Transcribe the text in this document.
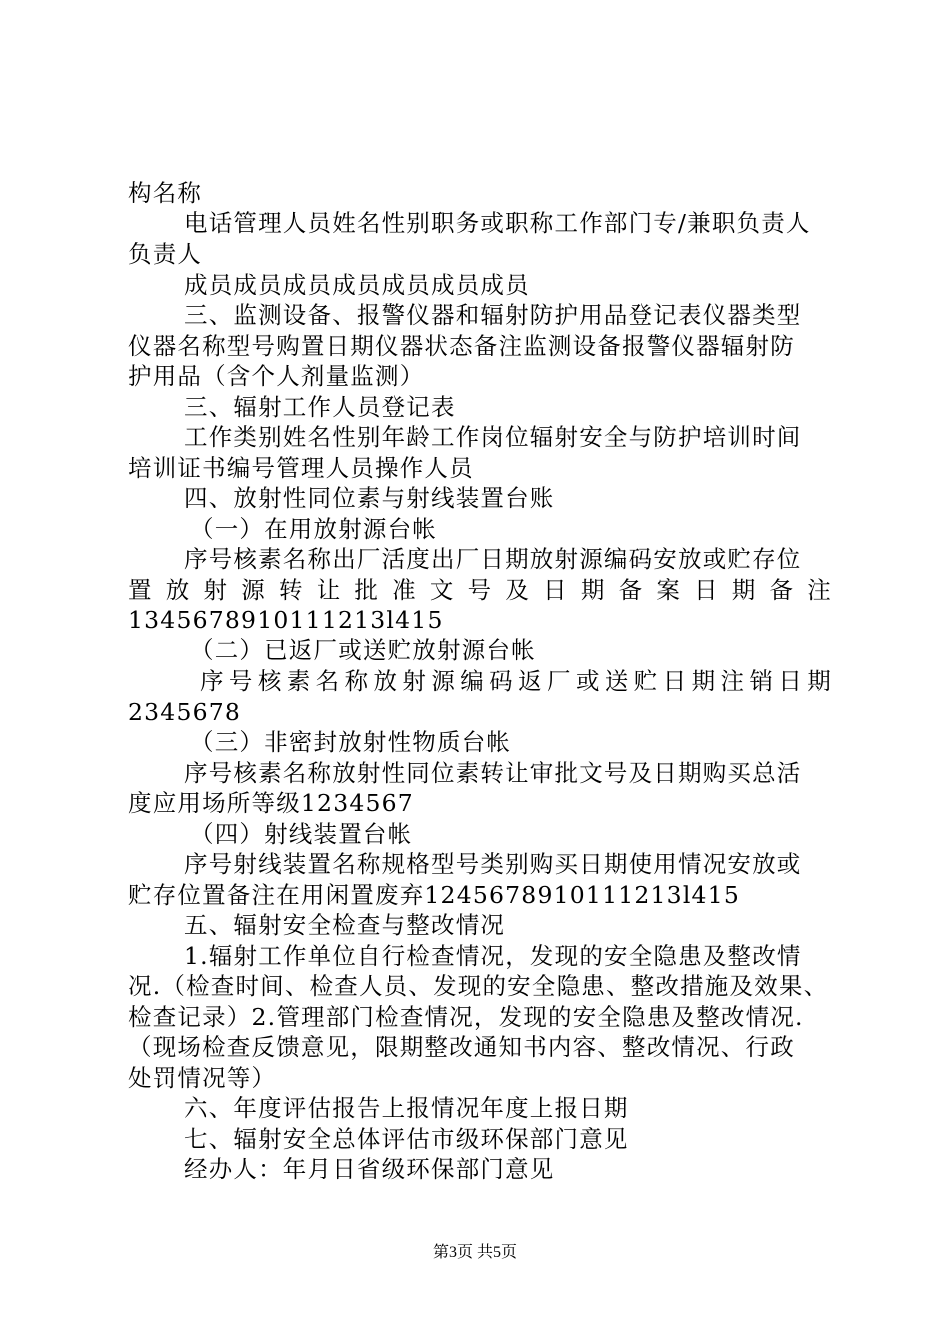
构名称
电话管理人员姓名性别职务或职称工作部门专/兼职负责人
负责人
成员成员成员成员成员成员成员
三、监测设备、报警仪器和辐射防护用品登记表仪器类型
仪器名称型号购置日期仪器状态备注监测设备报警仪器辐射防
护用品（含个人剂量监测）
三、辐射工作人员登记表
工作类别姓名性别年龄工作岗位辐射安全与防护培训时间
培训证书编号管理人员操作人员
四、放射性同位素与射线装置台账
（一）在用放射源台帐
序号核素名称出厂活度出厂日期放射源编码安放或贮存位
置放射源转让批准文号及日期备案日期备注
1345678910111213l415
（二）已返厂或送贮放射源台帐
序号核素名称放射源编码返厂或送贮日期注销日期
2345678
（三）非密封放射性物质台帐
序号核素名称放射性同位素转让审批文号及日期购买总活
度应用场所等级1234567
（四）射线装置台帐
序号射线装置名称规格型号类别购买日期使用情况安放或
贮存位置备注在用闲置废弃1245678910111213l415
五、辐射安全检查与整改情况
1.辐射工作单位自行检查情况，发现的安全隐患及整改情
况.（检查时间、检查人员、发现的安全隐患、整改措施及效果、
检查记录）2.管理部门检查情况，发现的安全隐患及整改情况.
（现场检查反馈意见，限期整改通知书内容、整改情况、行政
处罚情况等）
六、年度评估报告上报情况年度上报日期
七、辐射安全总体评估市级环保部门意见
经办人：年月日省级环保部门意见
第3页 共5页
